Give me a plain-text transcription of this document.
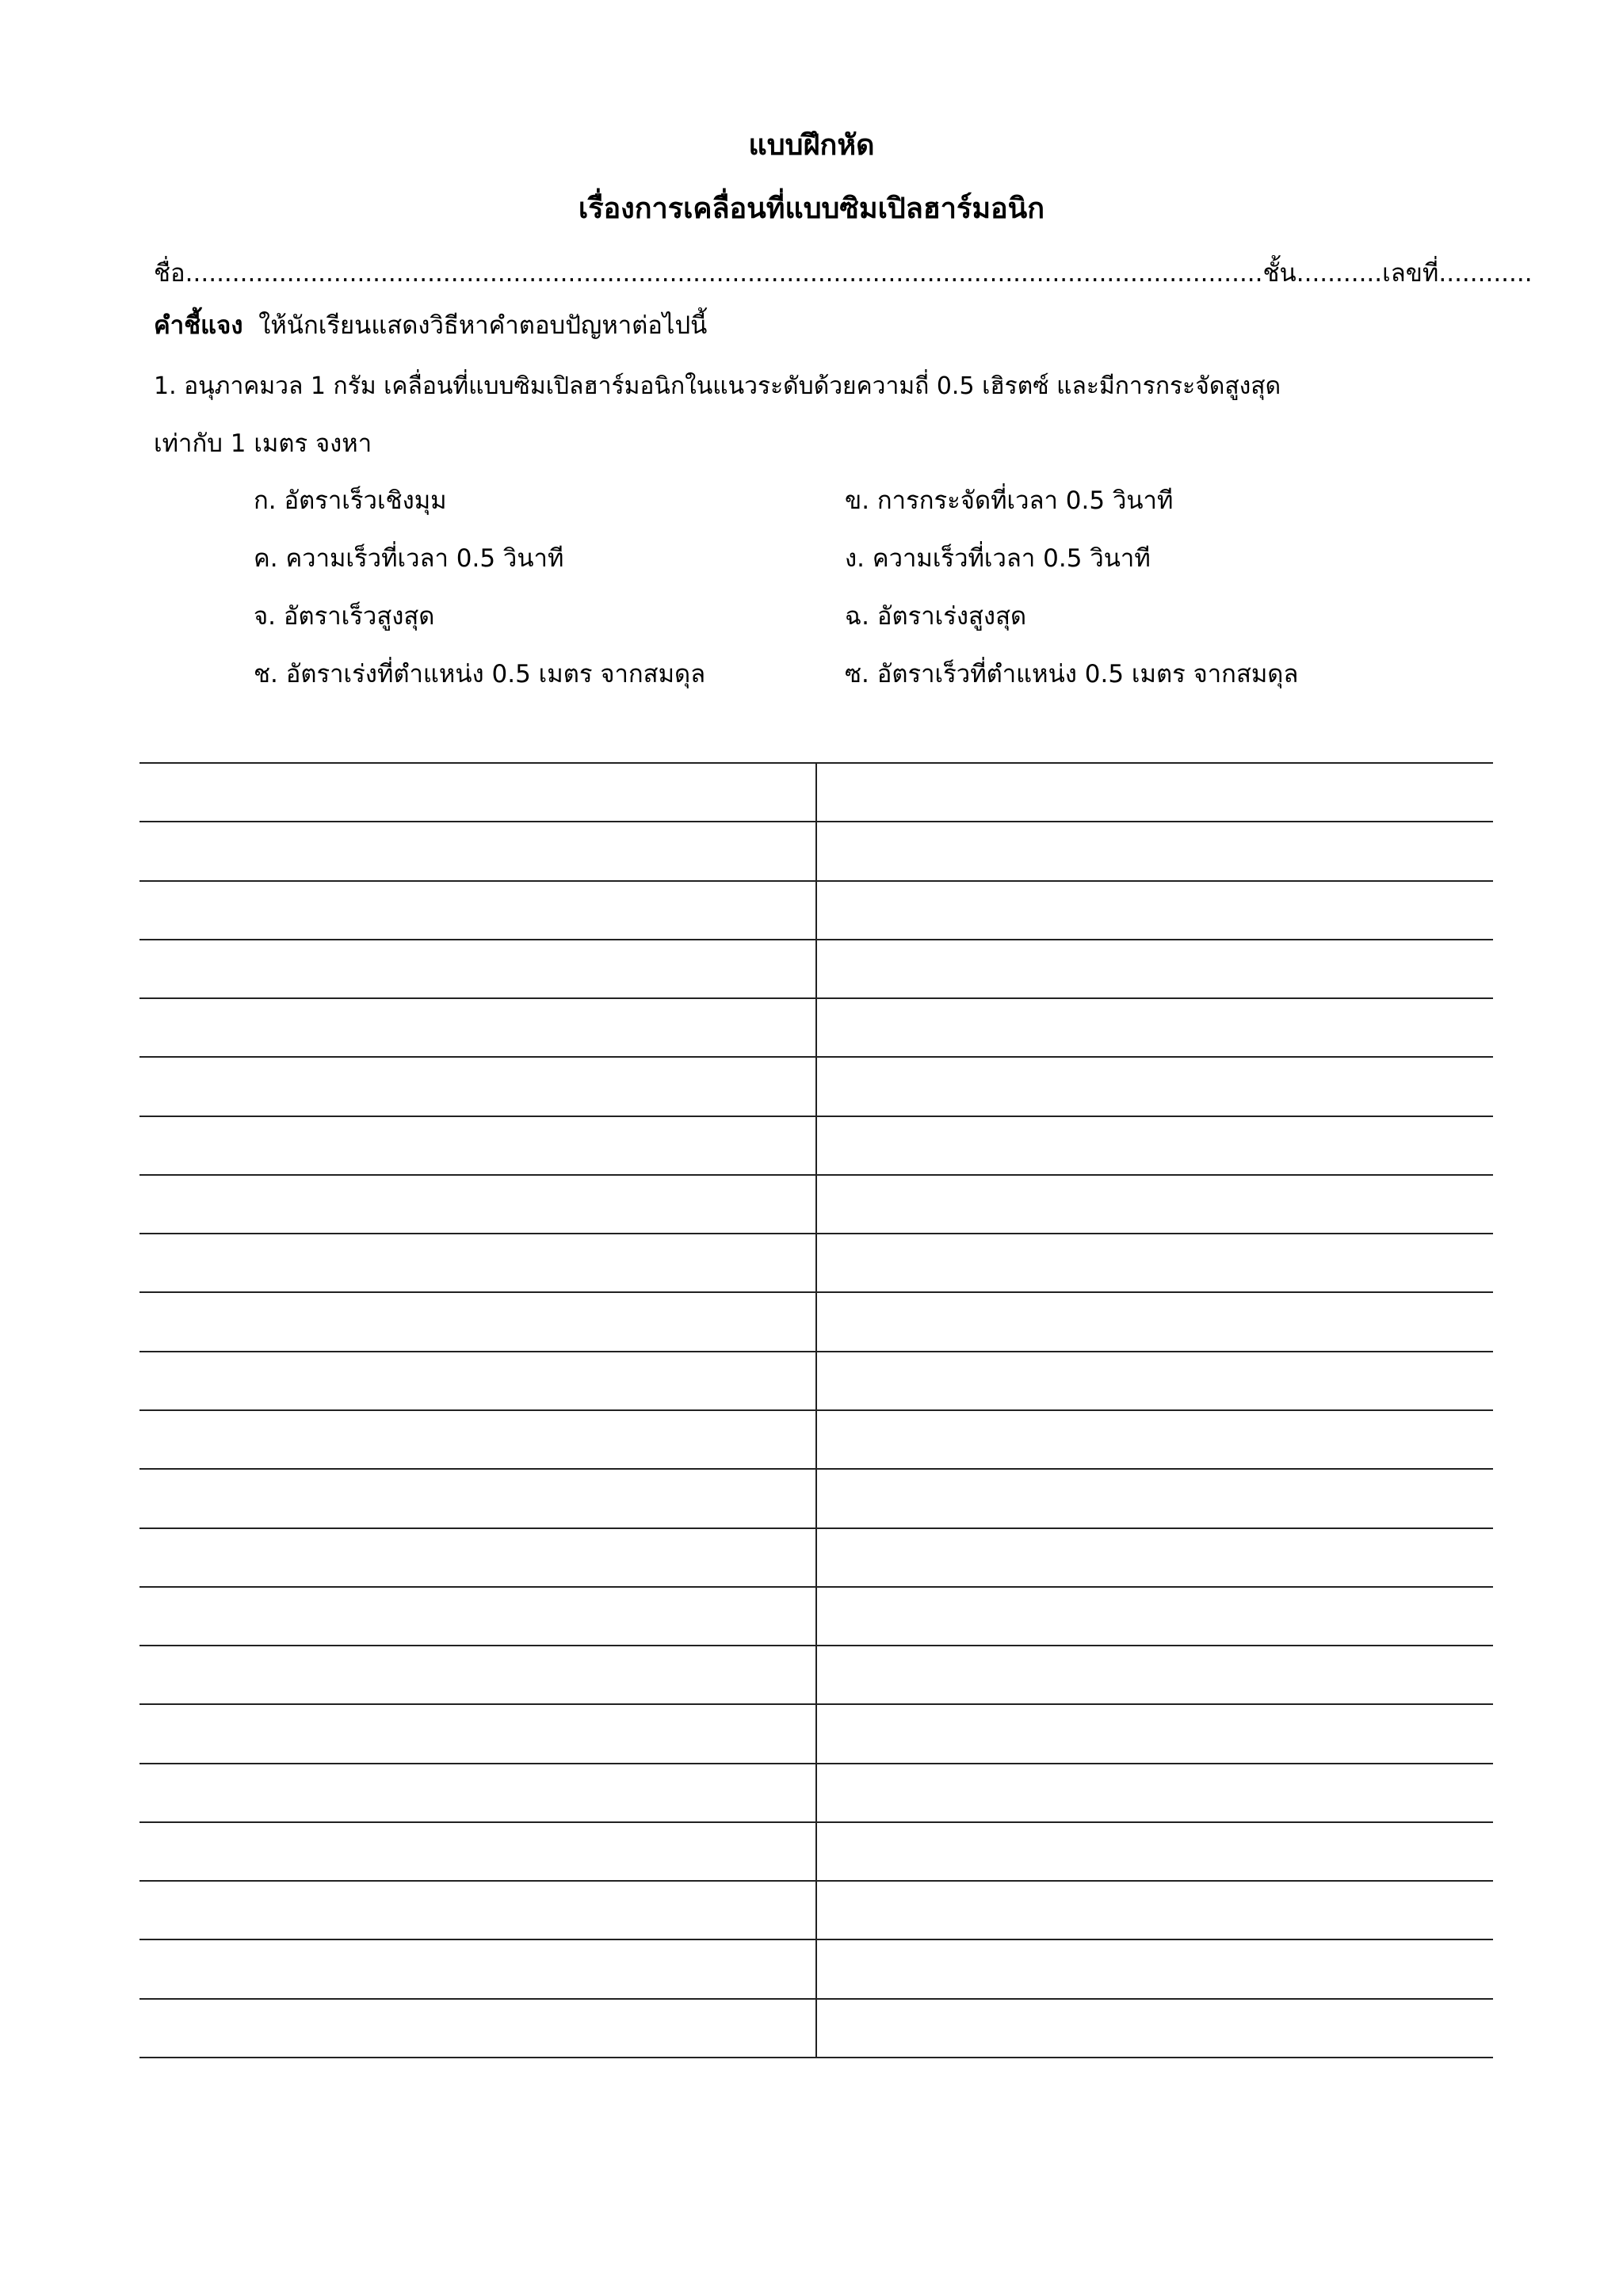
แบบฝึกหัด
เรื่องการเคลื่อนที่แบบซิมเปิลฮาร์มอนิก
ชื่อ..........................................................................................................................................ชั้น...........เลขที่............
คำชี้แจง ให้นักเรียนแสดงวิธีหาคำตอบปัญหาต่อไปนี้
1. อนุภาคมวล 1 กรัม เคลื่อนที่แบบซิมเปิลฮาร์มอนิกในแนวระดับด้วยความถี่ 0.5 เฮิรตซ์ และมีการกระจัดสูงสุด
เท่ากับ 1 เมตร จงหา
ก. อัตราเร็วเชิงมุม	ข. การกระจัดที่เวลา 0.5 วินาที
ค. ความเร็วที่เวลา 0.5 วินาที	ง. ความเร็วที่เวลา 0.5 วินาที
จ. อัตราเร็วสูงสุด	ฉ. อัตราเร่งสูงสุด
ช. อัตราเร่งที่ตำแหน่ง 0.5 เมตร จากสมดุล	ซ. อัตราเร็วที่ตำแหน่ง 0.5 เมตร จากสมดุล
